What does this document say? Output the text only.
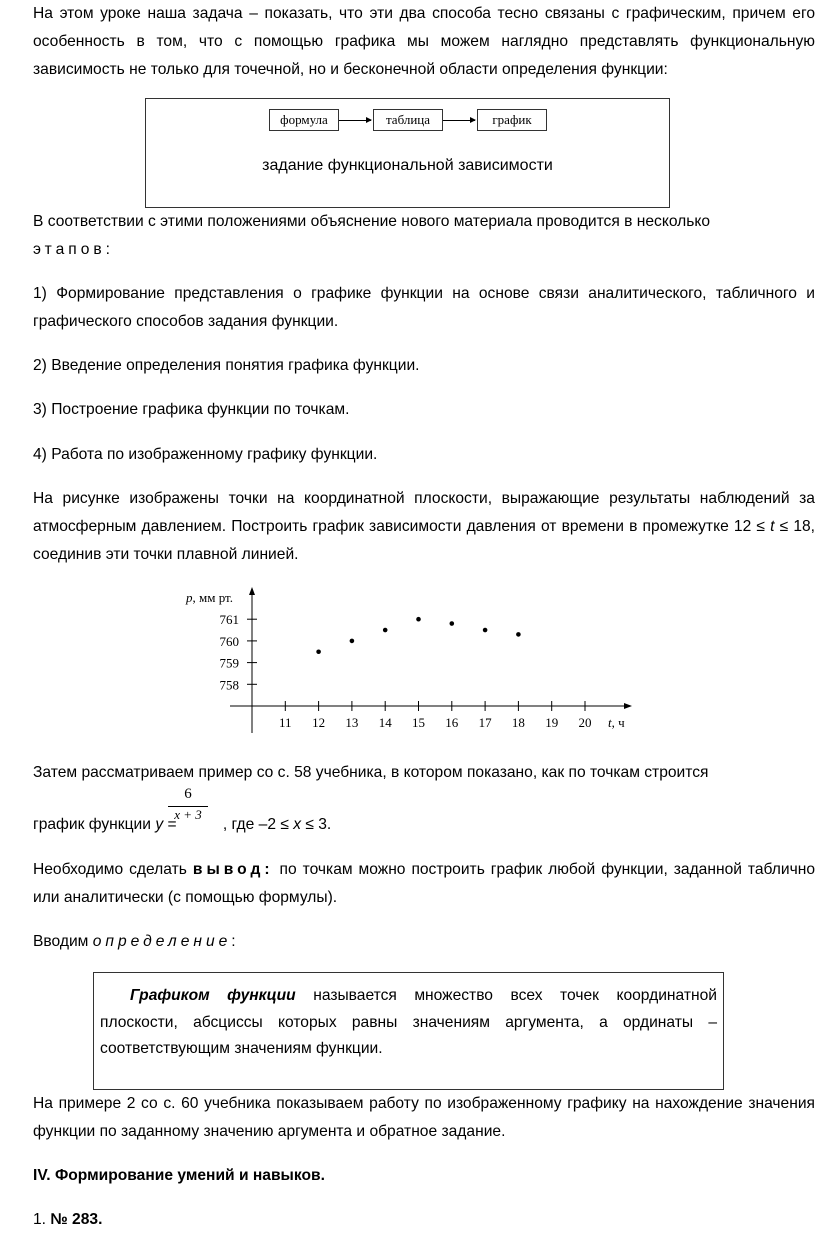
На этом уроке наша задача – показать, что эти два способа тесно связаны с графическим, причем его особенность в том, что с помощью графика мы можем наглядно представлять функциональную зависимость не только для точечной, но и бесконечной области определения функции:
формула	таблица	график
задание функциональной зависимости
В соответствии с этими положениями объяснение нового материала проводится в несколько
этапов:
1) Формирование представления о графике функции на основе связи аналитического, табличного и графического способов задания функции.
2) Введение определения понятия графика функции.
3) Построение графика функции по точкам.
4) Работа по изображенному графику функции.
На рисунке изображены точки на координатной плоскости, выражающие результаты наблюдений за атмосферным давлением. Построить график зависимости давления от времени в промежутке 12 ≤ t ≤ 18, соединив эти точки плавной линией.
11 12 13 14 15 16 17 18 19 20
758
759
760
761
p, мм рт.
t, ч
Затем рассматриваем пример со с. 58 учебника, в котором показано, как по точкам строится
график функции y =	, где –2 ≤ x ≤ 3.
$\frac{6}{x + 3}$
Необходимо сделать вывод: по точкам можно построить график любой функции, заданной таблично или аналитически (с помощью формулы).
Вводим определение:
Графиком функции называется множество всех точек координатной плоскости, абсциссы которых равны значениям аргумента, а ординаты – соответствующим значениям функции.
На примере 2 со с. 60 учебника показываем работу по изображенному графику на нахождение значения функции по заданному значению аргумента и обратное задание.
IV. Формирование умений и навыков.
1. № 283.
